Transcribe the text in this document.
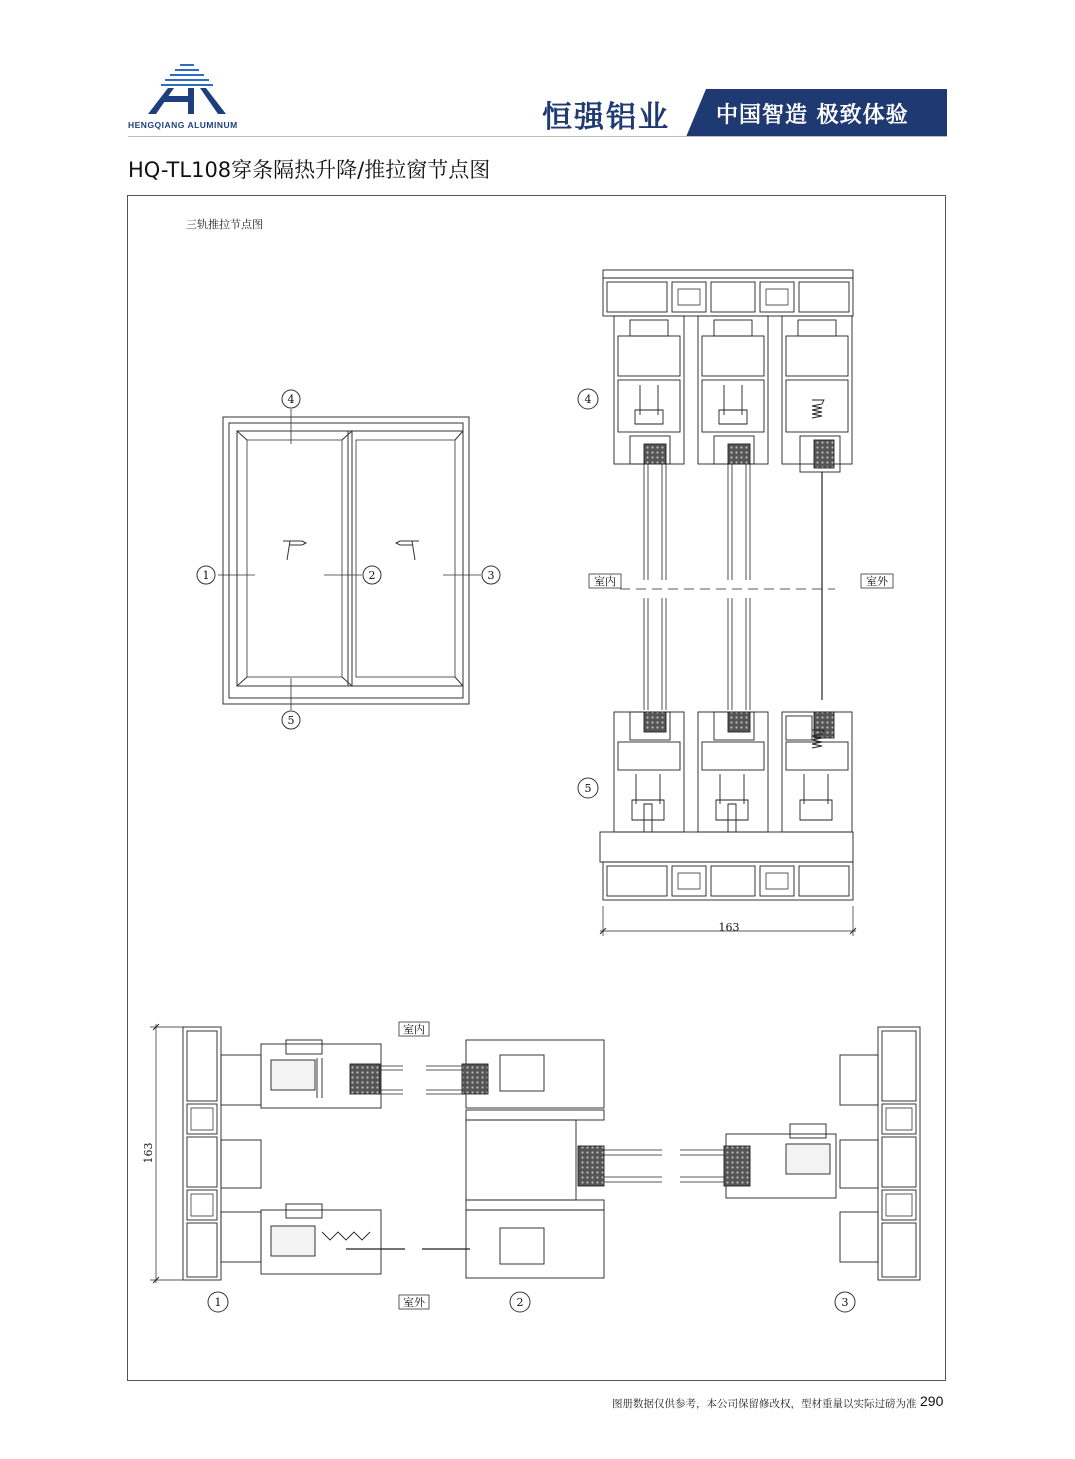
HENGQIANG ALUMINUM	恒强铝业 中国智造 极致体验
HQ-TL108穿条隔热升降/推拉窗节点图
三轨推拉节点图
1	2	3
4
5
4
5
室内	室外
163
1	2	3
室内
室外
163
图册数据仅供参考，本公司保留修改权，型材重量以实际过磅为准 290
